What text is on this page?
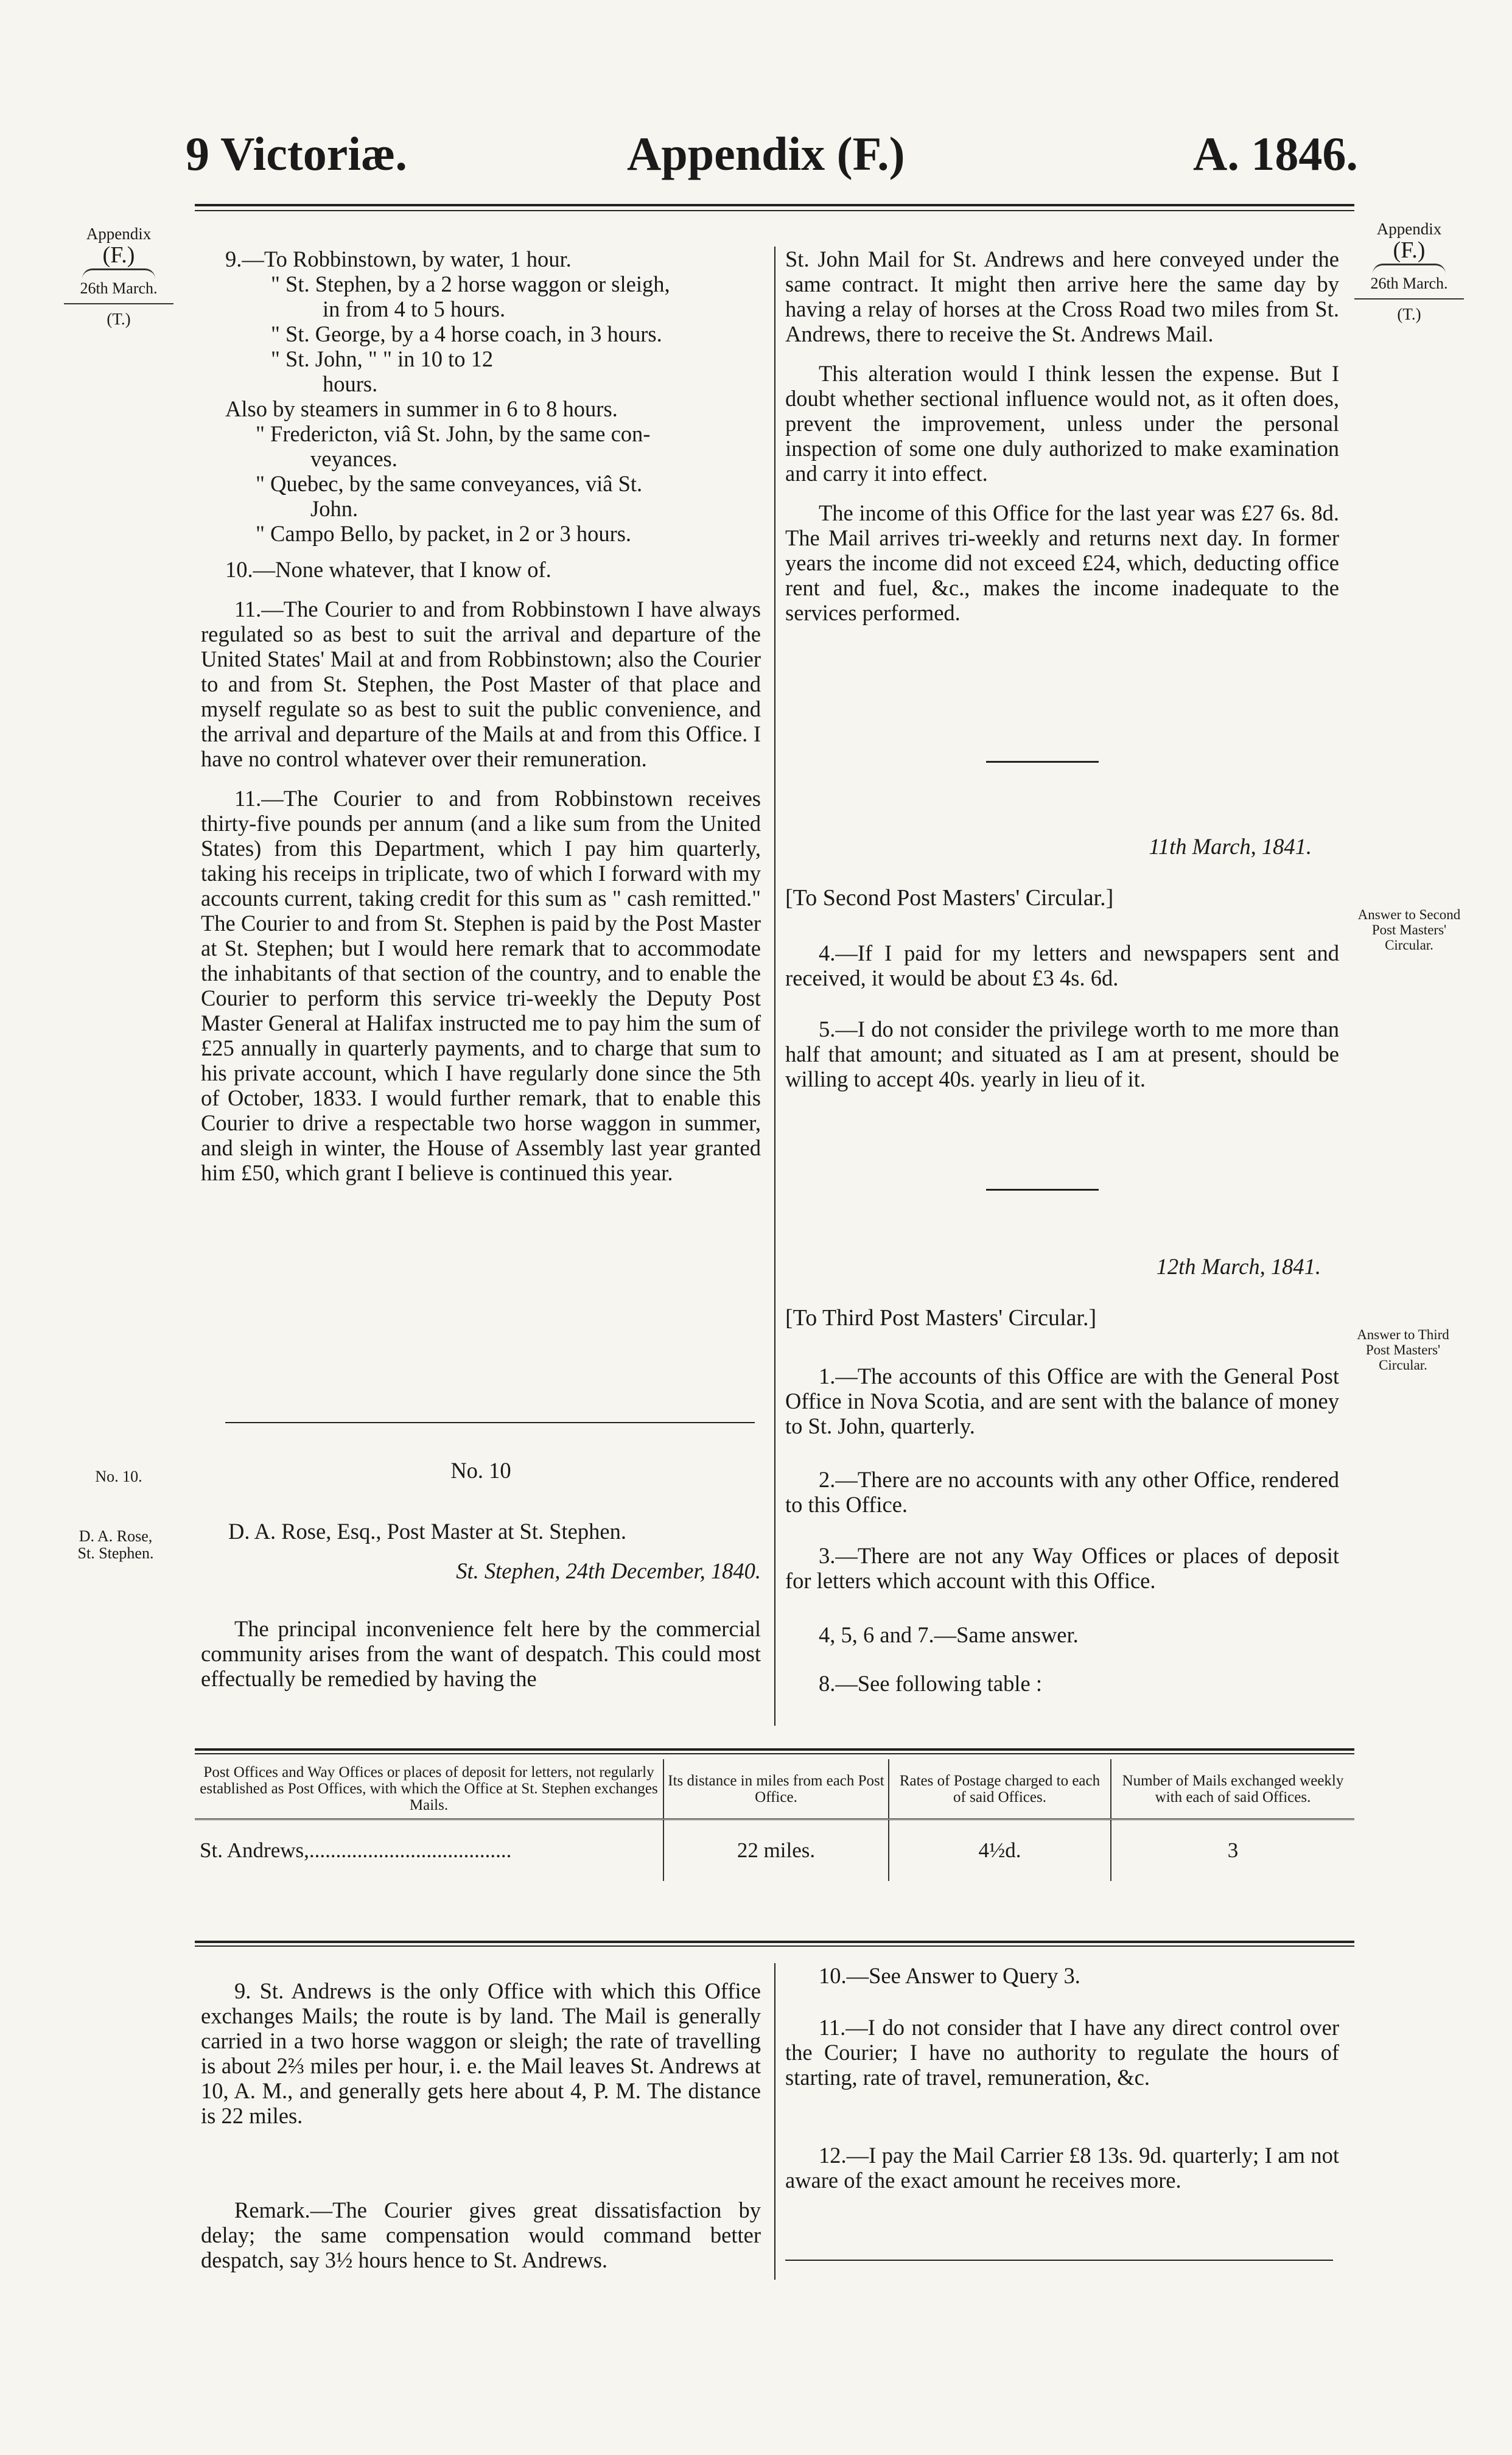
9 Victoriæ.	Appendix (F.)	A. 1846.
Appendix
(F.)
26th March.
(T.)
No. 10.
D. A. Rose,
St. Stephen.
Appendix
(F.)
26th March.
(T.)
Answer to Second Post Masters' Circular.
Answer to Third Post Masters' Circular.

9.—To Robbinstown, by water, 1 hour.

" St. Stephen, by a 2 horse waggon or sleigh,

in from 4 to 5 hours.

" St. George, by a 4 horse coach, in 3 hours.

" St. John, " " in 10 to 12

hours.

Also by steamers in summer in 6 to 8 hours.

" Fredericton, viâ St. John, by the same con-

veyances.

" Quebec, by the same conveyances, viâ St.

John.

" Campo Bello, by packet, in 2 or 3 hours.

10.—None whatever, that I know of.

11.—The Courier to and from Robbinstown I have always regulated so as best to suit the arrival and departure of the United States' Mail at and from Robbinstown; also the Courier to and from St. Stephen, the Post Master of that place and myself regulate so as best to suit the public convenience, and the arrival and departure of the Mails at and from this Office. I have no control whatever over their remuneration.

11.—The Courier to and from Robbinstown receives thirty-five pounds per annum (and a like sum from the United States) from this Department, which I pay him quarterly, taking his receips in triplicate, two of which I forward with my accounts current, taking credit for this sum as " cash remitted." The Courier to and from St. Stephen is paid by the Post Master at St. Stephen; but I would here remark that to accommodate the inhabitants of that section of the country, and to enable the Courier to perform this service tri-weekly the Deputy Post Master General at Halifax instructed me to pay him the sum of £25 annually in quarterly payments, and to charge that sum to his private account, which I have regularly done since the 5th of October, 1833. I would further remark, that to enable this Courier to drive a respectable two horse waggon in summer, and sleigh in winter, the House of Assembly last year granted him £50, which grant I believe is continued this year.

No. 10
D. A. Rose, Esq., Post Master at St. Stephen.
St. Stephen, 24th December, 1840.
The principal inconvenience felt here by the commercial community arises from the want of despatch. This could most effectually be remedied by having the

St. John Mail for St. Andrews and here conveyed under the same contract. It might then arrive here the same day by having a relay of horses at the Cross Road two miles from St. Andrews, there to receive the St. Andrews Mail.

This alteration would I think lessen the expense. But I doubt whether sectional influence would not, as it often does, prevent the improvement, unless under the personal inspection of some one duly authorized to make examination and carry it into effect.

The income of this Office for the last year was £27 6s. 8d. The Mail arrives tri-weekly and returns next day. In former years the income did not exceed £24, which, deducting office rent and fuel, &c., makes the income inadequate to the services performed.

11th March, 1841.
[To Second Post Masters' Circular.]
4.—If I paid for my letters and newspapers sent and received, it would be about £3 4s. 6d.
5.—I do not consider the privilege worth to me more than half that amount; and situated as I am at present, should be willing to accept 40s. yearly in lieu of it.
12th March, 1841.
[To Third Post Masters' Circular.]
1.—The accounts of this Office are with the General Post Office in Nova Scotia, and are sent with the balance of money to St. John, quarterly.
2.—There are no accounts with any other Office, rendered to this Office.
3.—There are not any Way Offices or places of deposit for letters which account with this Office.
4, 5, 6 and 7.—Same answer.
8.—See following table :
Post Offices and Way Offices or places of deposit for letters, not regularly established as Post Offices, with which the Office at St. Stephen exchanges Mails.	Its distance in miles from each Post Office.	Rates of Postage charged to each of said Offices.	Number of Mails exchanged weekly with each of said Offices.
St. Andrews,......................................	22 miles.	4½d.	3
9. St. Andrews is the only Office with which this Office exchanges Mails; the route is by land. The Mail is generally carried in a two horse waggon or sleigh; the rate of travelling is about 2⅔ miles per hour, i. e. the Mail leaves St. Andrews at 10, A. M., and generally gets here about 4, P. M. The distance is 22 miles.
Remark.—The Courier gives great dissatisfaction by delay; the same compensation would command better despatch, say 3½ hours hence to St. Andrews.
10.—See Answer to Query 3.
11.—I do not consider that I have any direct control over the Courier; I have no authority to regulate the hours of starting, rate of travel, remuneration, &c.
12.—I pay the Mail Carrier £8 13s. 9d. quarterly; I am not aware of the exact amount he receives more.
